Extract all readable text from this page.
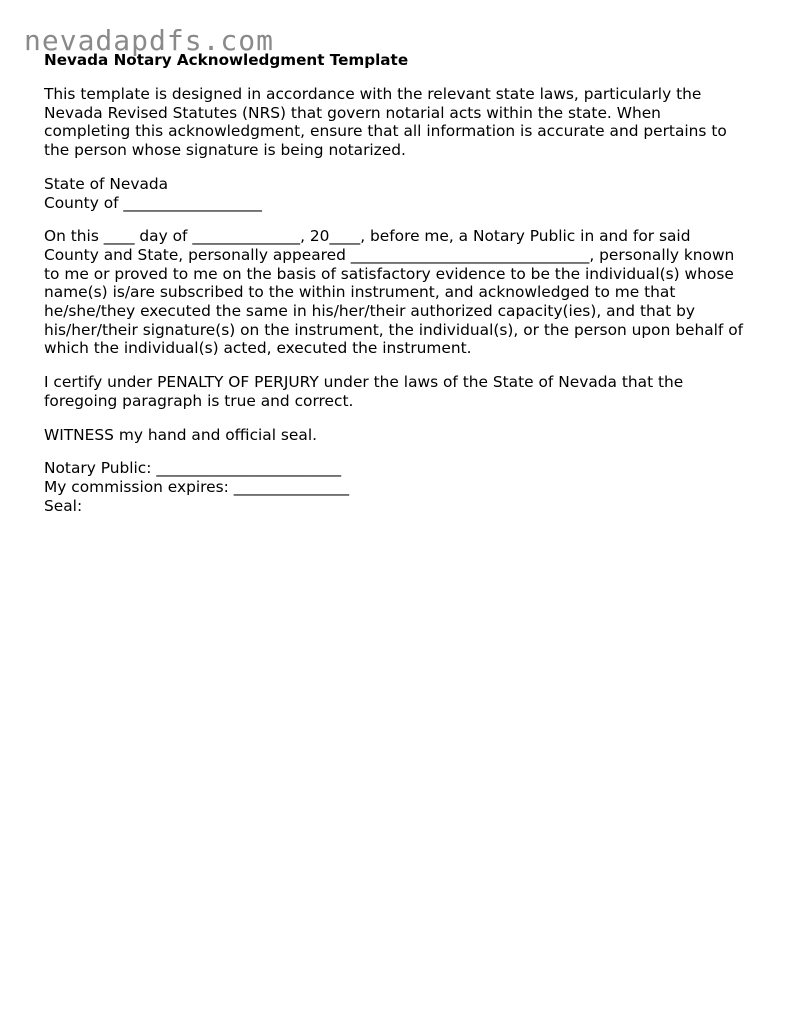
nevadapdfs.com
Nevada Notary Acknowledgment Template
This template is designed in accordance with the relevant state laws, particularly the
Nevada Revised Statutes (NRS) that govern notarial acts within the state. When
completing this acknowledgment, ensure that all information is accurate and pertains to
the person whose signature is being notarized.
State of Nevada
County of __________________
On this ____ day of ______________, 20____, before me, a Notary Public in and for said
County and State, personally appeared _______________________________, personally known
to me or proved to me on the basis of satisfactory evidence to be the individual(s) whose
name(s) is/are subscribed to the within instrument, and acknowledged to me that
he/she/they executed the same in his/her/their authorized capacity(ies), and that by
his/her/their signature(s) on the instrument, the individual(s), or the person upon behalf of
which the individual(s) acted, executed the instrument.
I certify under PENALTY OF PERJURY under the laws of the State of Nevada that the
foregoing paragraph is true and correct.
WITNESS my hand and official seal.
Notary Public: ________________________
My commission expires: _______________
Seal:
